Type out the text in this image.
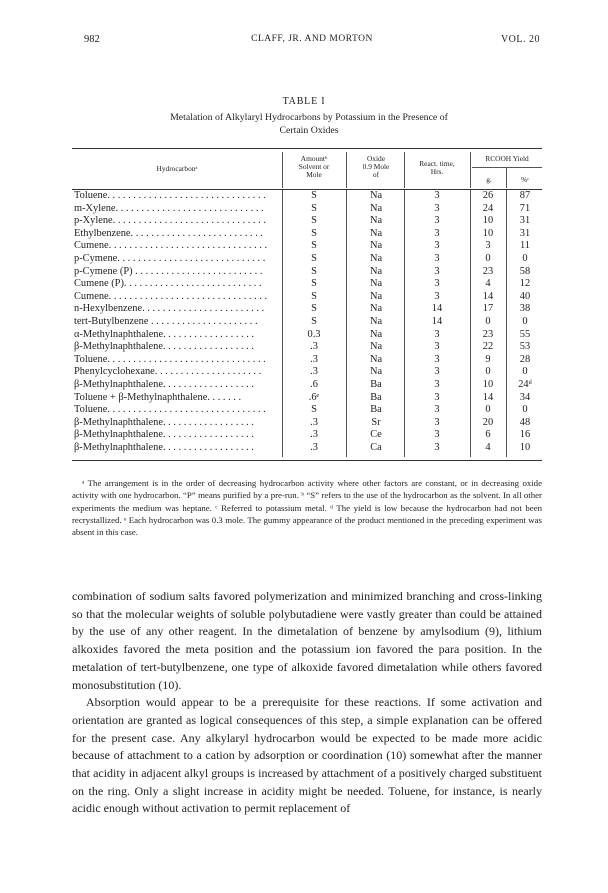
982	CLAFF, JR. AND MORTON	VOL. 20
TABLE I
Metalation of Alkylaryl Hydrocarbons by Potassium in the Presence of
Certain Oxides
Hydrocarbonᵃ
Amountᵇ
Solvent or
Mole
Oxide
0.9 Mole
of
React. time,
Hrs.
RCOOH Yield
g.	%ᶜ
Toluene. . . . . . . . . . . . . . . . . . . . . . . . . . . . . . .	S	Na	3	26	87
m-Xylene. . . . . . . . . . . . . . . . . . . . . . . . . . . . .	S	Na	3	24	71
p-Xylene. . . . . . . . . . . . . . . . . . . . . . . . . . . . . .	S	Na	3	10	31
Ethylbenzene. . . . . . . . . . . . . . . . . . . . . . . . . .	S	Na	3	10	31
Cumene. . . . . . . . . . . . . . . . . . . . . . . . . . . . . . .	S	Na	3	3	11
p-Cymene. . . . . . . . . . . . . . . . . . . . . . . . . . . . .	S	Na	3	0	0
p-Cymene (P) . . . . . . . . . . . . . . . . . . . . . . . . .	S	Na	3	23	58
Cumene (P). . . . . . . . . . . . . . . . . . . . . . . . . . .	S	Na	3	4	12
Cumene. . . . . . . . . . . . . . . . . . . . . . . . . . . . . . .	S	Na	3	14	40
n-Hexylbenzene. . . . . . . . . . . . . . . . . . . . . . . .	S	Na	14	17	38
tert-Butylbenzene . . . . . . . . . . . . . . . . . . . . .	S	Na	14	0	0
α-Methylnaphthalene. . . . . . . . . . . . . . . . . .	0.3	Na	3	23	55
β-Methylnaphthalene. . . . . . . . . . . . . . . . . .	.3	Na	3	22	53
Toluene. . . . . . . . . . . . . . . . . . . . . . . . . . . . . . .	.3	Na	3	9	28
Phenylcyclohexane. . . . . . . . . . . . . . . . . . . . .	.3	Na	3	0	0
β-Methylnaphthalene. . . . . . . . . . . . . . . . . .	.6	Ba	3	10	24ᵈ
Toluene + β-Methylnaphthalene. . . . . . .	.6ᵉ	Ba	3	14	34
Toluene. . . . . . . . . . . . . . . . . . . . . . . . . . . . . . .	S	Ba	3	0	0
β-Methylnaphthalene. . . . . . . . . . . . . . . . . .	.3	Sr	3	20	48
β-Methylnaphthalene. . . . . . . . . . . . . . . . . .	.3	Ce	3	6	16
β-Methylnaphthalene. . . . . . . . . . . . . . . . . .	.3	Ca	3	4	10

ᵃ The arrangement is in the order of decreasing hydrocarbon activity where other factors are constant, or in decreasing oxide activity with one hydrocarbon. “P” means purified by a pre-run. ᵇ “S” refers to the use of the hydrocarbon as the solvent. In all other experiments the medium was heptane. ᶜ Referred to potassium metal. ᵈ The yield is low because the hydrocarbon had not been recrystallized. ᵉ Each hydrocarbon was 0.3 mole. The gummy appearance of the product mentioned in the preceding experiment was absent in this case.

combination of sodium salts favored polymerization and minimized branching and cross-linking so that the molecular weights of soluble polybutadiene were vastly greater than could be attained by the use of any other reagent. In the dimetalation of benzene by amylsodium (9), lithium alkoxides favored the meta position and the potassium ion favored the para position. In the metalation of tert-butylbenzene, one type of alkoxide favored dimetalation while others favored monosubstitution (10).

Absorption would appear to be a prerequisite for these reactions. If some activation and orientation are granted as logical consequences of this step, a simple explanation can be offered for the present case. Any alkylaryl hydrocarbon would be expected to be made more acidic because of attachment to a cation by adsorption or coordination (10) somewhat after the manner that acidity in adjacent alkyl groups is increased by attachment of a positively charged substituent on the ring. Only a slight increase in acidity might be needed. Toluene, for instance, is nearly acidic enough without activation to permit replacement of
